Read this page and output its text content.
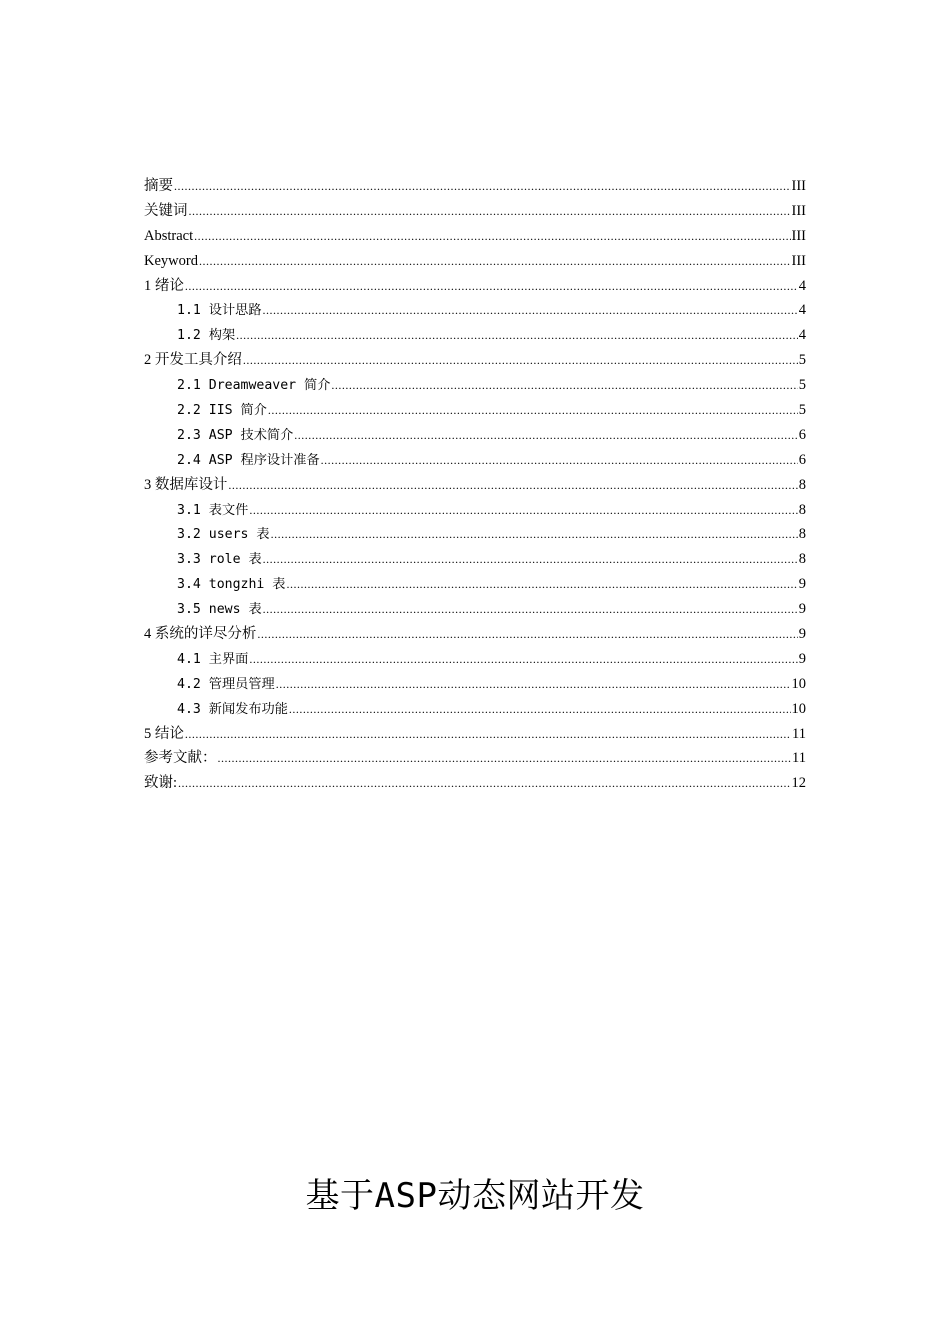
摘要 .....	III
关键词 .....	III
Abstract .....	III
Keyword .....	III
1 绪论 .....	4
1.1 设计思路 .....	4
1.2 构架 .....	4
2 开发工具介绍 .....	5
2.1 Dreamweaver 简介 .....	5
2.2 IIS 简介 .....	5
2.3 ASP 技术简介 .....	6
2.4 ASP 程序设计准备 .....	6
3 数据库设计 .....	8
3.1 表文件 .....	8
3.2 users 表 .....	8
3.3 role 表 .....	8
3.4 tongzhi 表 .....	9
3.5 news 表 .....	9
4 系统的详尽分析 .....	9
4.1 主界面 .....	9
4.2 管理员管理 .....	10
4.3 新闻发布功能 .....	10
5 结论 .....	11
参考文献： .....	11
致谢: .....	12
基于ASP动态网站开发
